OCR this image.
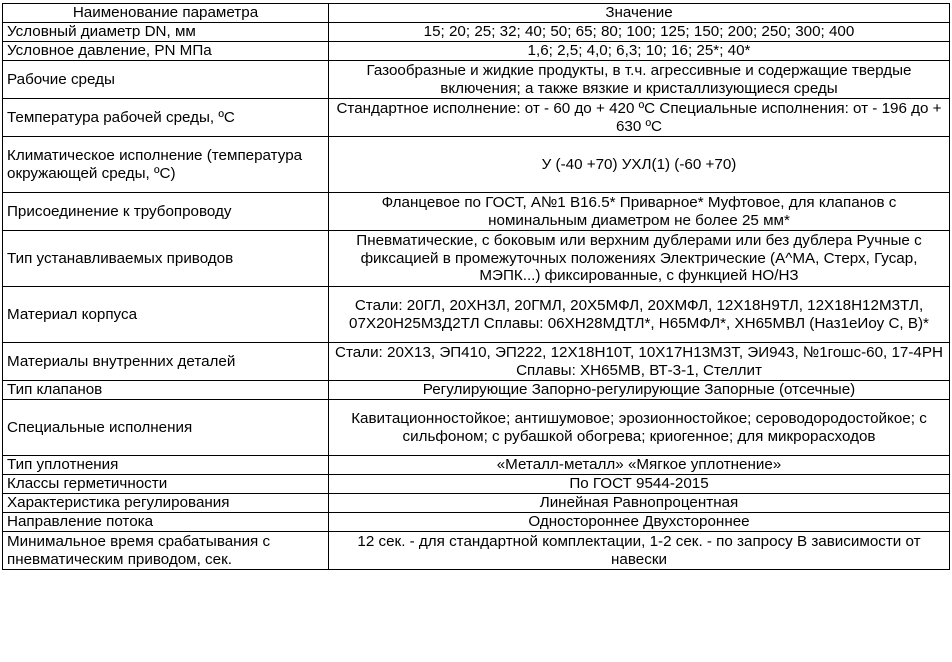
Наименование параметра	Значение
Условный диаметр DN, мм	15; 20; 25; 32; 40; 50; 65; 80; 100; 125; 150; 200; 250; 300; 400
Условное давление, PN МПа	1,6; 2,5; 4,0; 6,3; 10; 16; 25*; 40*
Рабочие среды	Газообразные и жидкие продукты, в т.ч. агрессивные и содержащие твердые включения; а также вязкие и кристаллизующиеся среды
Температура рабочей среды, ºС	Стандартное исполнение: от - 60 до + 420 ºС Специальные исполнения: от - 196 до + 630 ºС
Климатическое исполнение (температура окружающей среды, ºС)	У (-40 +70) УХЛ(1) (-60 +70)
Присоединение к трубопроводу	Фланцевое по ГОСТ, A№1 B16.5* Приварное* Муфтовое, для клапанов с номинальным диаметром не более 25 мм*
Тип устанавливаемых приводов	Пневматические, с боковым или верхним дублерами или без дублера Ручные с фиксацией в промежуточных положениях Электрические (А^МА, Стерх, Гусар, МЭПК...) фиксированные, с функцией НО/НЗ
Материал корпуса	Стали: 20ГЛ, 20ХН3Л, 20ГМЛ, 20Х5МФЛ, 20ХМФЛ, 12Х18Н9ТЛ, 12Х18Н12М3ТЛ, 07Х20Н25М3Д2ТЛ Сплавы: 06ХН28МДТЛ*, Н65МФЛ*, ХН65МВЛ (Наз1еИоу С, В)*
Материалы внутренних деталей	Стали: 20Х13, ЭП410, ЭП222, 12Х18Н10Т, 10Х17Н13М3Т, ЭИ943, №1гошс-60, 17-4РН Сплавы: ХН65МВ, ВТ-3-1, Стеллит
Тип клапанов	Регулирующие Запорно-регулирующие Запорные (отсечные)
Специальные исполнения	Кавитационностойкое; антишумовое; эрозионностойкое; сероводородостойкое; с сильфоном; с рубашкой обогрева; криогенное; для микрорасходов
Тип уплотнения	«Металл-металл» «Мягкое уплотнение»
Классы герметичности	По ГОСТ 9544-2015
Характеристика регулирования	Линейная Равнопроцентная
Направление потока	Одностороннее Двухстороннее
Минимальное время срабатывания с пневматическим приводом, сек.	12 сек. - для стандартной комплектации, 1-2 сек. - по запросу В зависимости от навески
